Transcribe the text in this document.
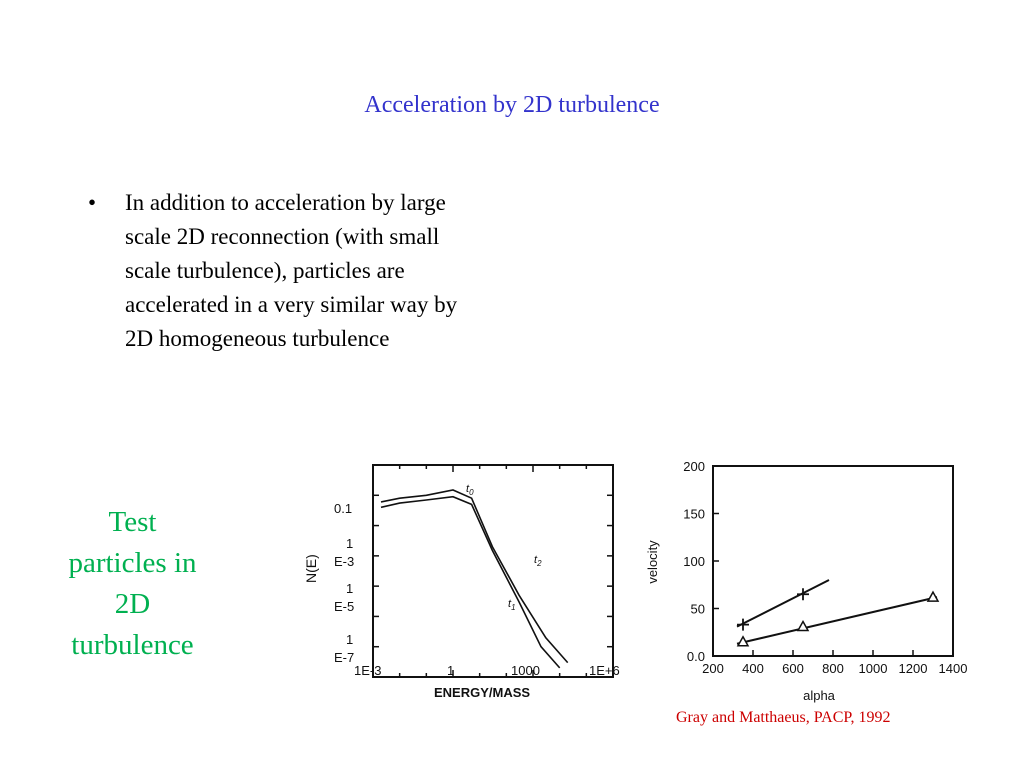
Acceleration by 2D turbulence
•	In addition to acceleration by large scale 2D reconnection (with small scale turbulence), particles are accelerated in a very similar way by 2D homogeneous turbulence
Test
particles in
2D
turbulence
0.1
1
E-3
1
E-5
1
E-7
1E-3	1	1000	1E+6
ENERGY/MASS
N(E)
$t_0$
$t_2$
$t_1$
0.0
50
100
150
200
200 400 600 800 1000 1200 1400
alpha
velocity
Gray and Matthaeus, PACP, 1992
